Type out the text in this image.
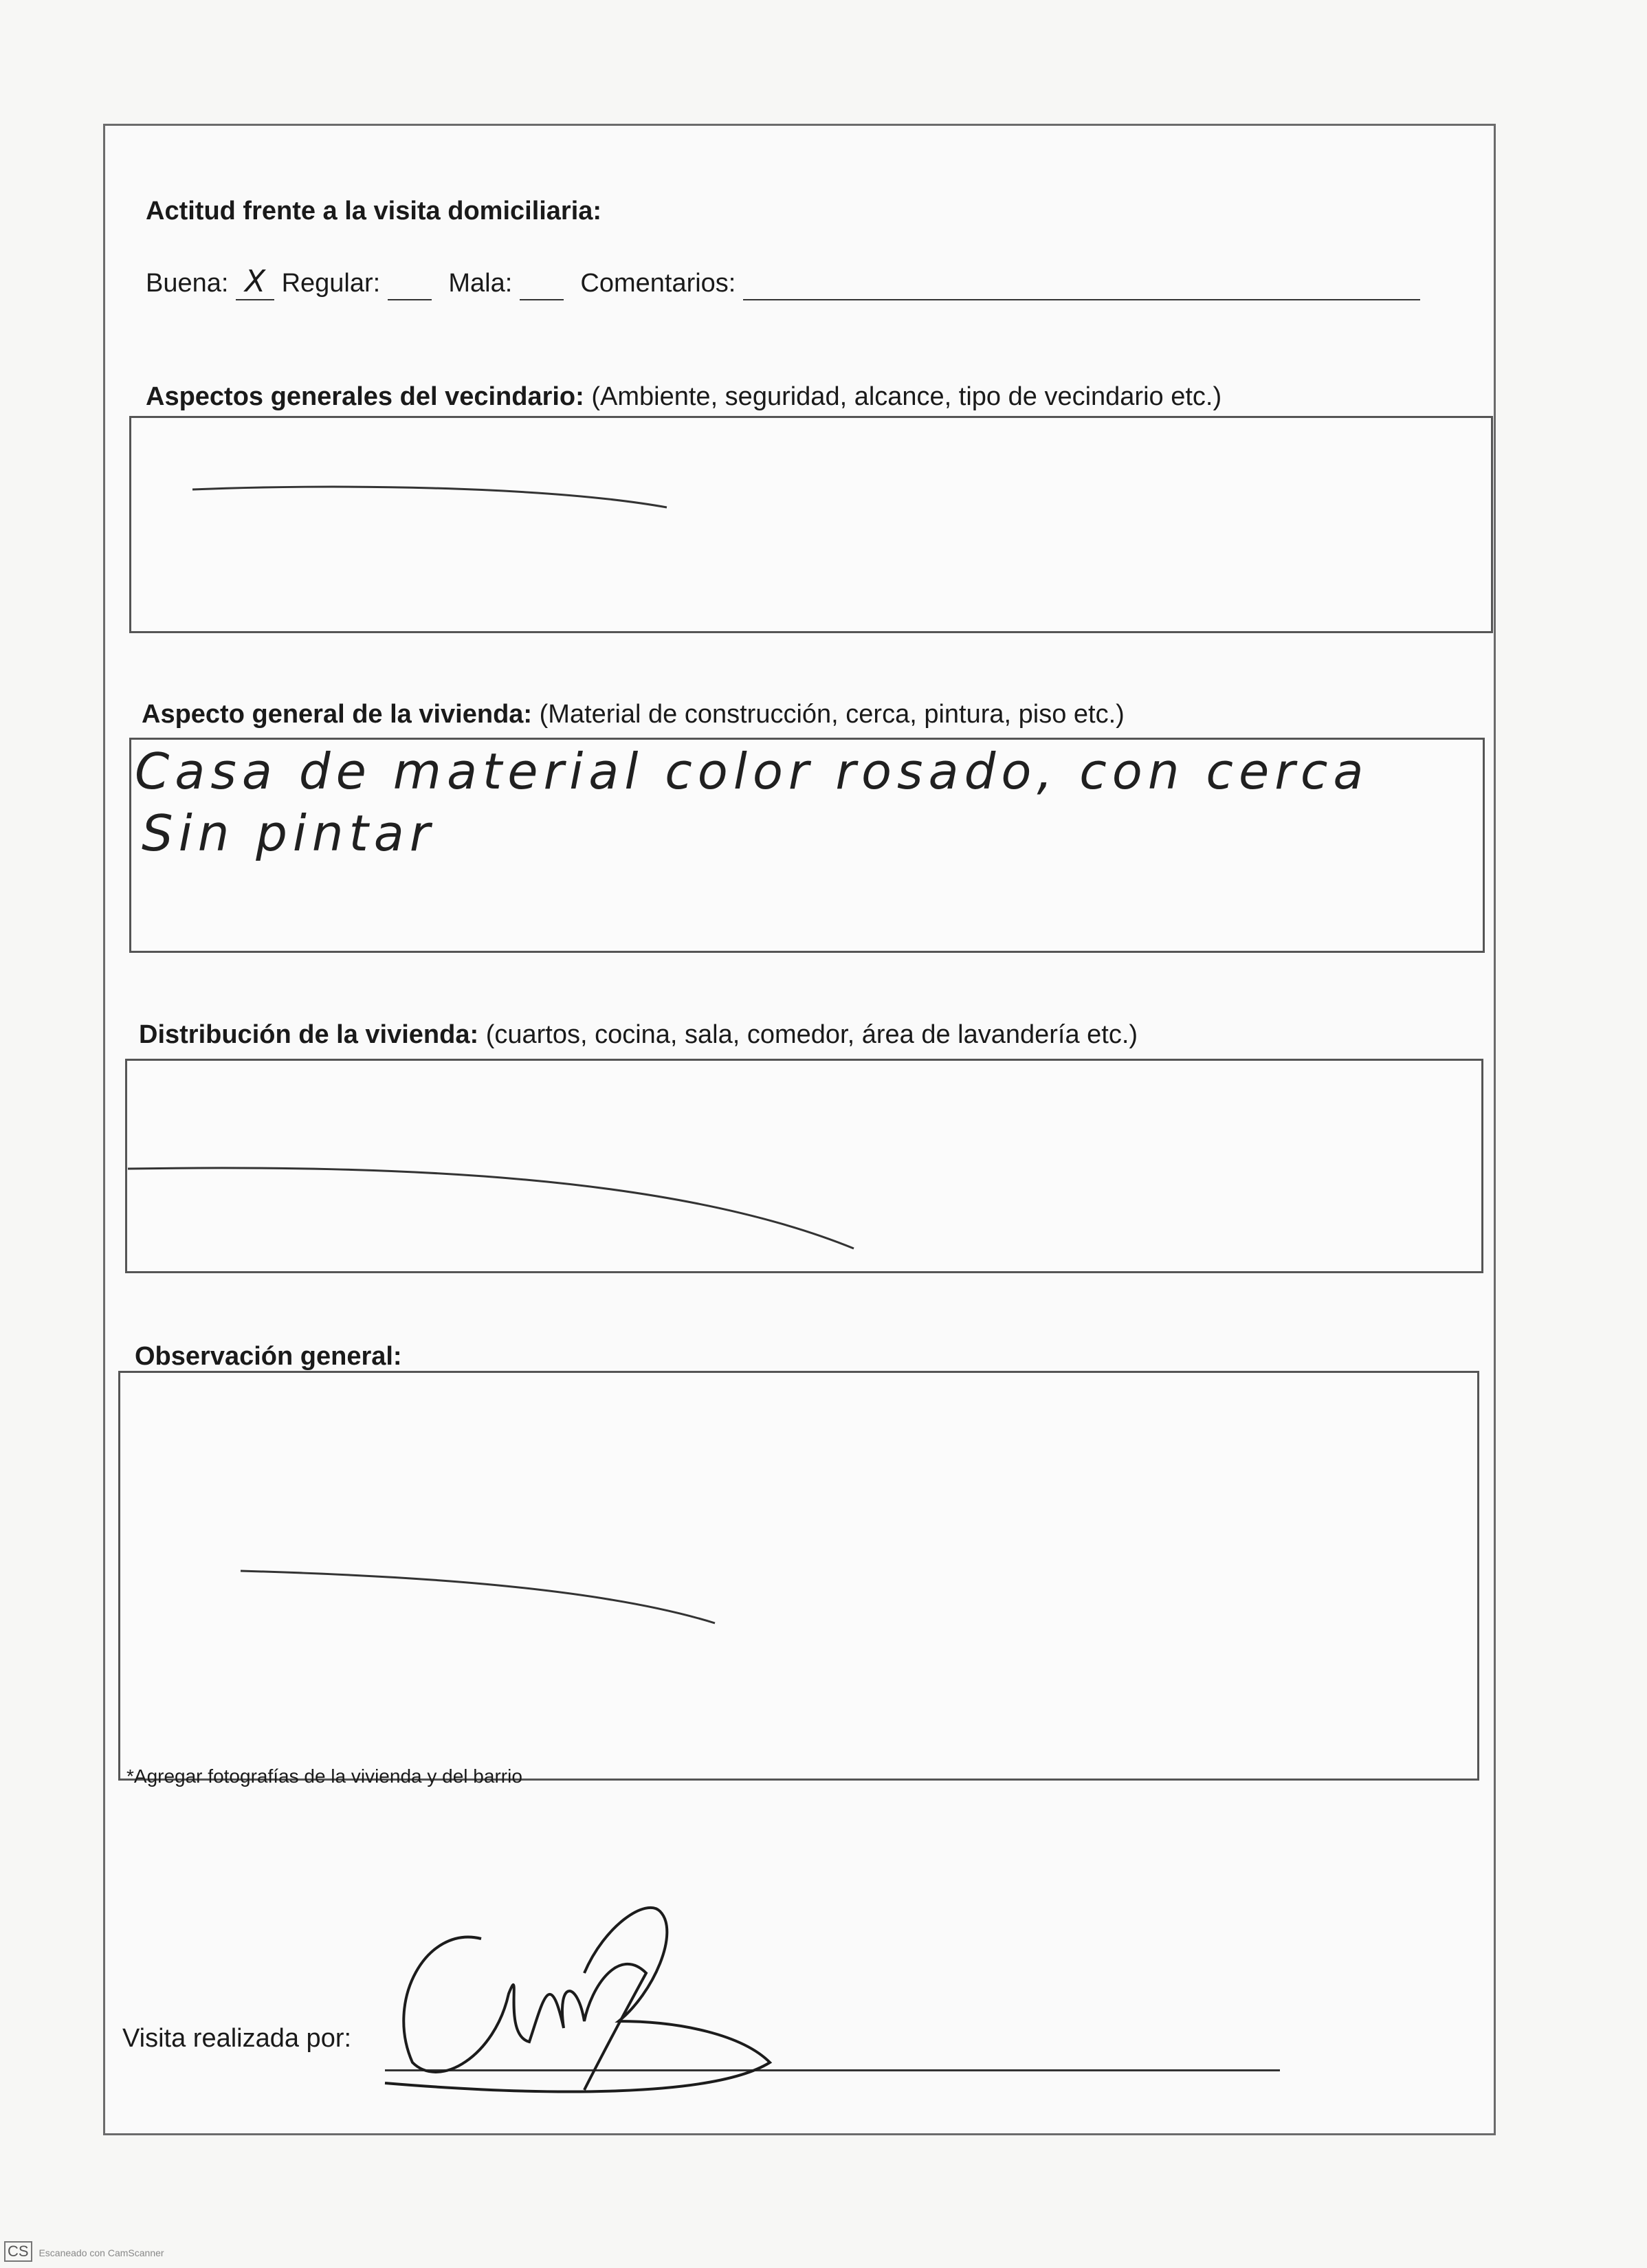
Actitud frente a la visita domiciliaria:
Buena: X Regular:	Mala:	Comentarios:
Aspectos generales del vecindario: (Ambiente, seguridad, alcance, tipo de vecindario etc.)
Aspecto general de la vivienda: (Material de construcción, cerca, pintura, piso etc.)
Casa de material color rosado, con cerca
Sin pintar
Distribución de la vivienda: (cuartos, cocina, sala, comedor, área de lavandería etc.)
Observación general:
*Agregar fotografías de la vivienda y del barrio
Visita realizada por:
CS Escaneado con CamScanner
